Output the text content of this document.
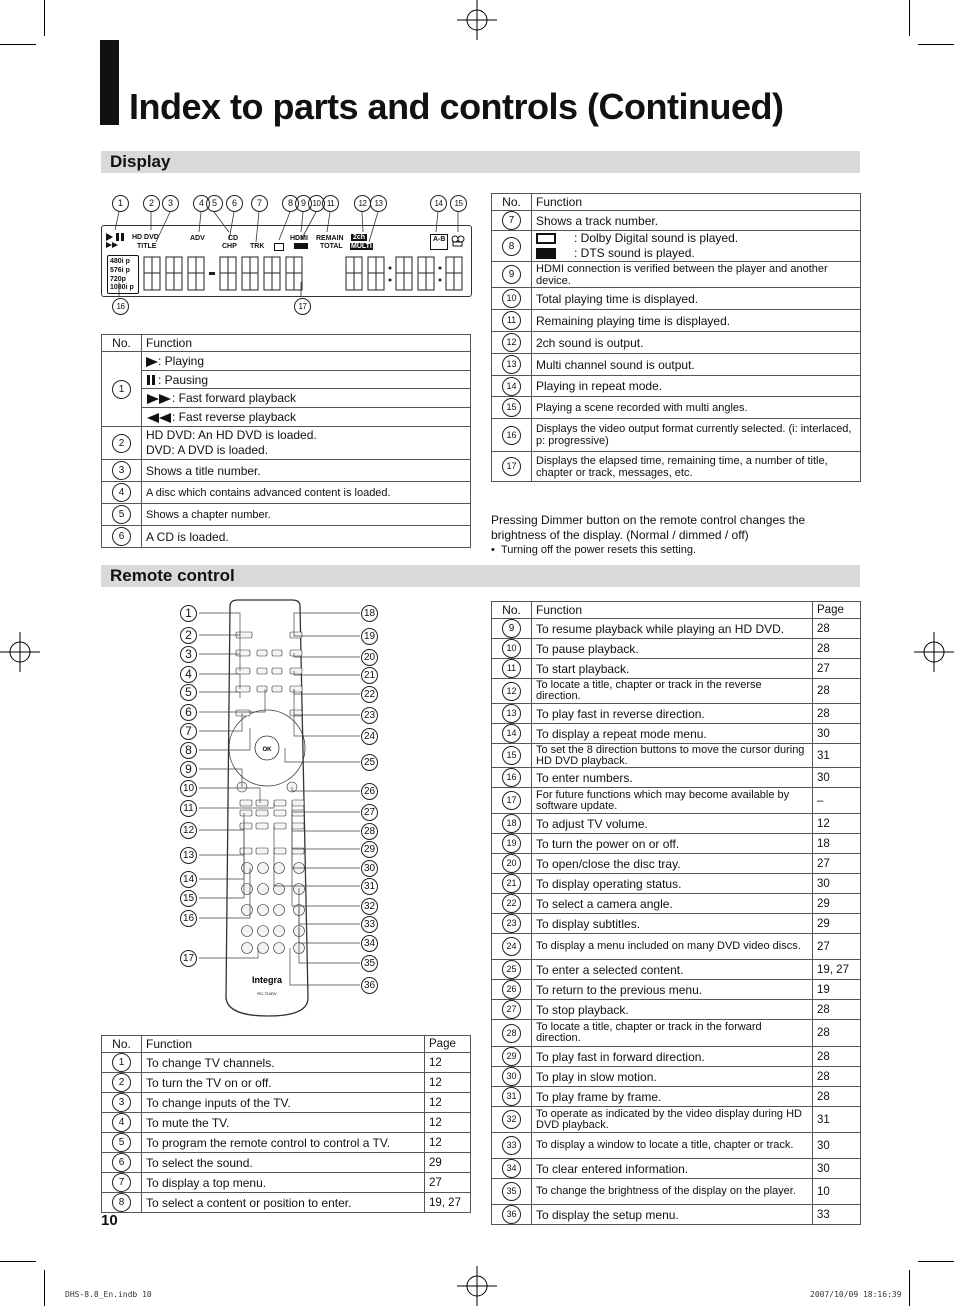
Index to parts and controls (Continued)
Display
1	2	3	4 5	6	7	8 9 10 11	12	13	14	15
16	17
HD DVD
TITLE
ADV	CD
CHP TRK
HDMI REMAIN
TOTAL
2ch
MULTI
A-B
480i p
576i p
720p
1080i p
No.	Function
1	: Playing
	: Pausing
	: Fast forward playback
	: Fast reverse playback
2	HD DVD: An HD DVD is loaded.
DVD: A DVD is loaded.

3	Shows a title number.
4	A disc which contains advanced content is loaded.
5	Shows a chapter number.
6	A CD is loaded.
No.	Function
7	Shows a track number.
8	: Dolby Digital sound is played.
: DTS sound is played.

9	HDMI connection is verified between the player and another device.
10	Total playing time is displayed.
11	Remaining playing time is displayed.
12	2ch sound is output.
13	Multi channel sound is output.
14	Playing in repeat mode.
15	Playing a scene recorded with multi angles.
16	Displays the video output format currently selected. (i: interlaced, p: progressive)
17	Displays the elapsed time, remaining time, a number of title, chapter or track, messages, etc.
Pressing Dimmer button on the remote control changes the brightness of the display. (Normal / dimmed / off)
•  Turning off the power resets this setting.
Remote control
OK
Integra
RC-710DV
1
2
3
4
5
6
7
8
9
10
11
12
13
14
15
16
17
18
19
20
21
22
23
24
25
26
27
28
29
30
31
32
33
34
35
36
No.	Function	Page
1	To change TV channels.	12
2	To turn the TV on or off.	12
3	To change inputs of the TV.	12
4	To mute the TV.	12
5	To program the remote control to control a TV.	12
6	To select the sound.	29
7	To display a top menu.	27
8	To select a content or position to enter.	19, 27
No.	Function	Page
9	To resume playback while playing an HD DVD.	28
10	To pause playback.	28
11	To start playback.	27
12	To locate a title, chapter or track in the reverse direction.	28
13	To play fast in reverse direction.	28
14	To display a repeat mode menu.	30
15	To set the 8 direction buttons to move the cursor during HD DVD playback.	31
16	To enter numbers.	30
17	For future functions which may become available by software update.	–
18	To adjust TV volume.	12
19	To turn the power on or off.	18
20	To open/close the disc tray.	27
21	To display operating status.	30
22	To select a camera angle.	29
23	To display subtitles.	29
24	To display a menu included on many DVD video discs.	27
25	To enter a selected content.	19, 27
26	To return to the previous menu.	19
27	To stop playback.	28
28	To locate a title, chapter or track in the forward direction.	28
29	To play fast in forward direction.	28
30	To play in slow motion.	28
31	To play frame by frame.	28
32	To operate as indicated by the video display during HD DVD playback.	31
33	To display a window to locate a title, chapter or track.	30
34	To clear entered information.	30
35	To change the brightness of the display on the player.	10
36	To display the setup menu.	33
10
DHS-8.8_En.indb 10	2007/10/09 18:16:39
